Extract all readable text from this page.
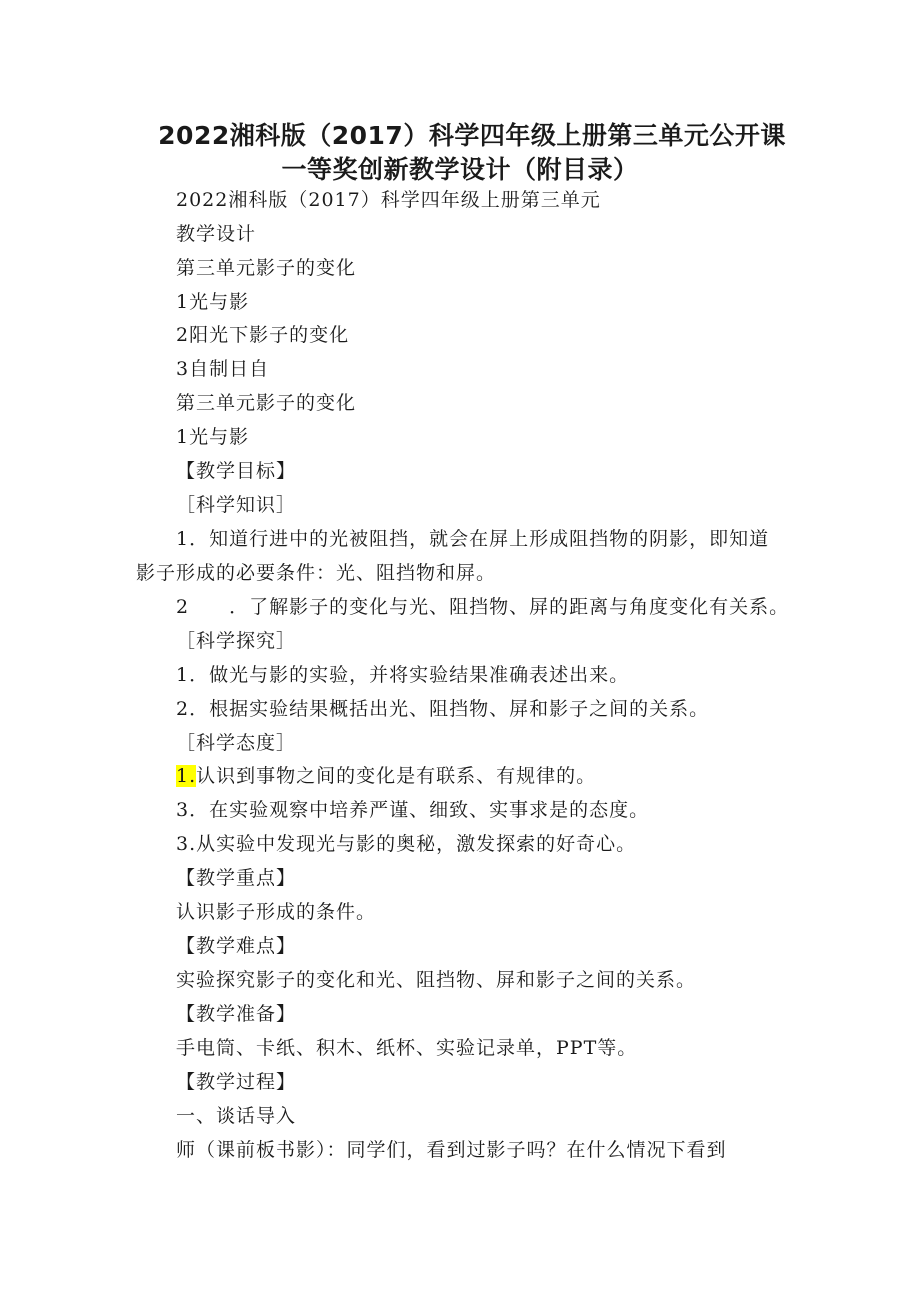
2022湘科版（2017）科学四年级上册第三单元公开课
一等奖创新教学设计（附目录）
2022湘科版（2017）科学四年级上册第三单元
教学设计
第三单元影子的变化
1光与影
2阳光下影子的变化
3自制日自
第三单元影子的变化
1光与影
【教学目标】
［科学知识］
1．知道行进中的光被阻挡，就会在屏上形成阻挡物的阴影，即知道
影子形成的必要条件：光、阻挡物和屏。
2　　．了解影子的变化与光、阻挡物、屏的距离与角度变化有关系。
［科学探究］
1．做光与影的实验，并将实验结果准确表述出来。
2．根据实验结果概括出光、阻挡物、屏和影子之间的关系。
［科学态度］
1.认识到事物之间的变化是有联系、有规律的。
3．在实验观察中培养严谨、细致、实事求是的态度。
3.从实验中发现光与影的奥秘，激发探索的好奇心。
【教学重点】
认识影子形成的条件。
【教学难点】
实验探究影子的变化和光、阻挡物、屏和影子之间的关系。
【教学准备】
手电筒、卡纸、积木、纸杯、实验记录单，PPT等。
【教学过程】
一、谈话导入
师（课前板书影）：同学们，看到过影子吗？在什么情况下看到
